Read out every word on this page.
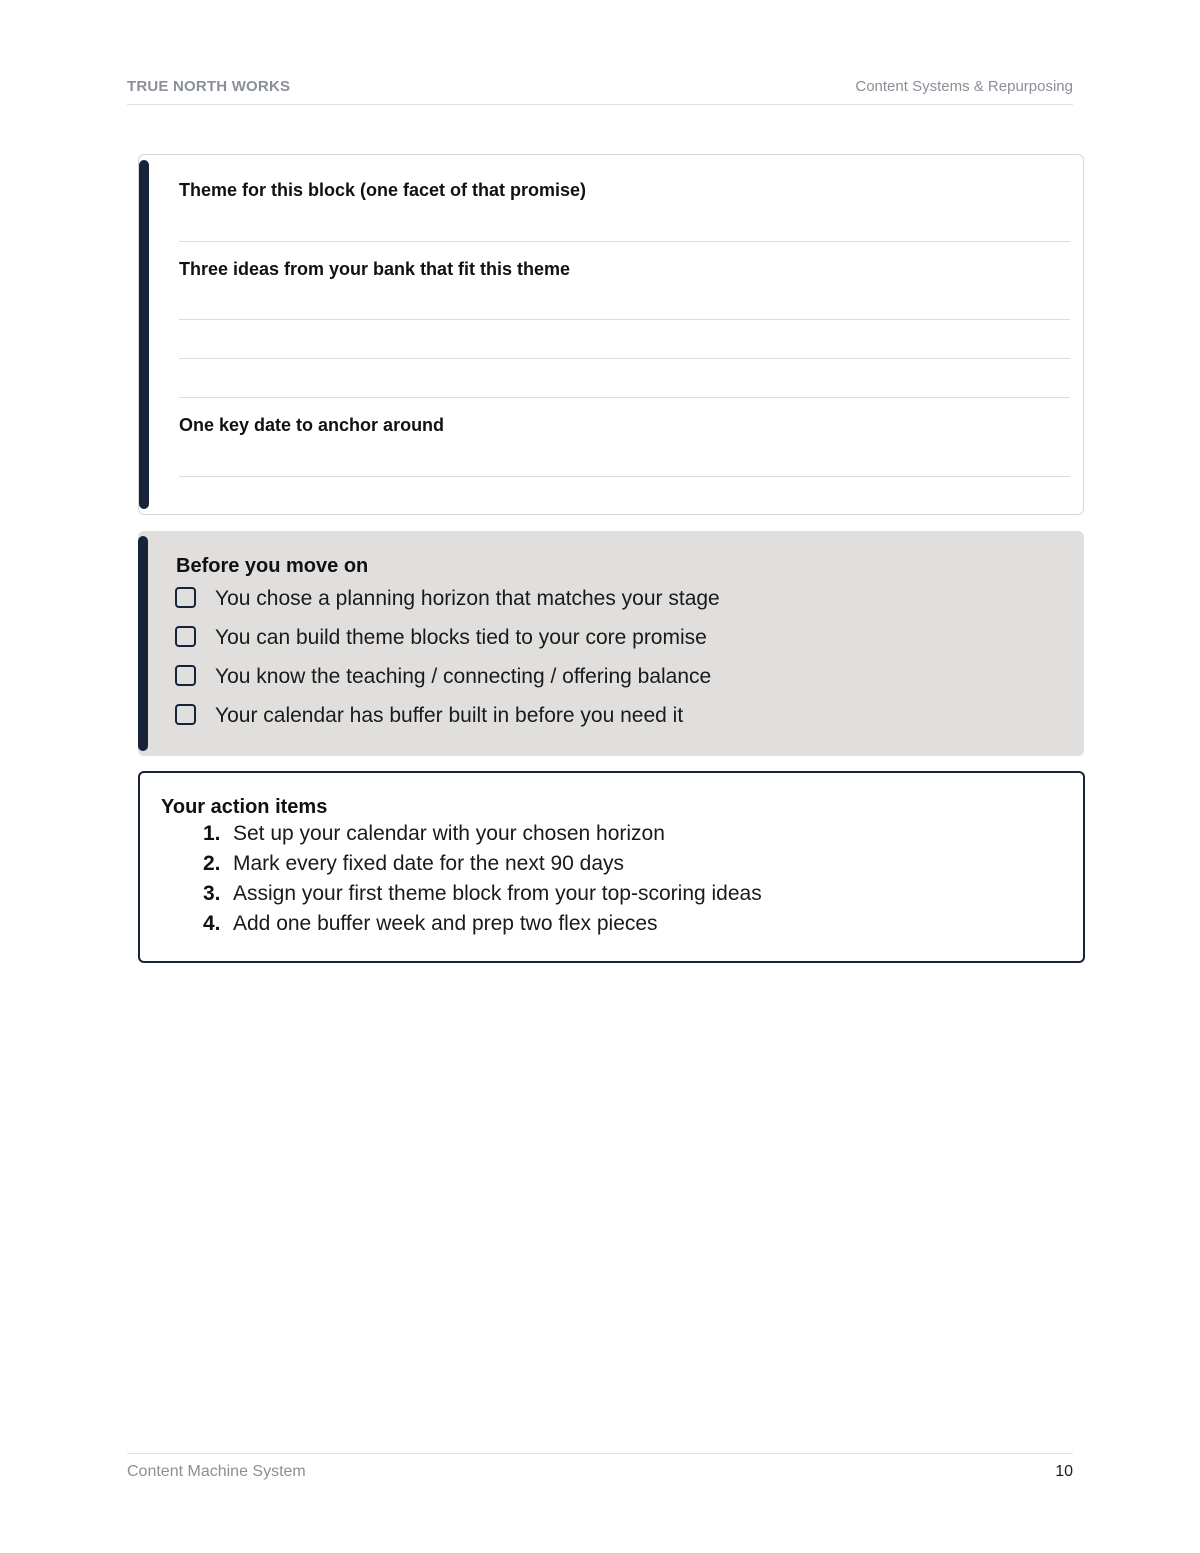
TRUE NORTH WORKS	Content Systems & Repurposing
Theme for this block (one facet of that promise)
Three ideas from your bank that fit this theme
One key date to anchor around
Before you move on
You chose a planning horizon that matches your stage
You can build theme blocks tied to your core promise
You know the teaching / connecting / offering balance
Your calendar has buffer built in before you need it
Your action items
1. Set up your calendar with your chosen horizon
2. Mark every fixed date for the next 90 days
3. Assign your first theme block from your top-scoring ideas
4. Add one buffer week and prep two flex pieces
Content Machine System	10
